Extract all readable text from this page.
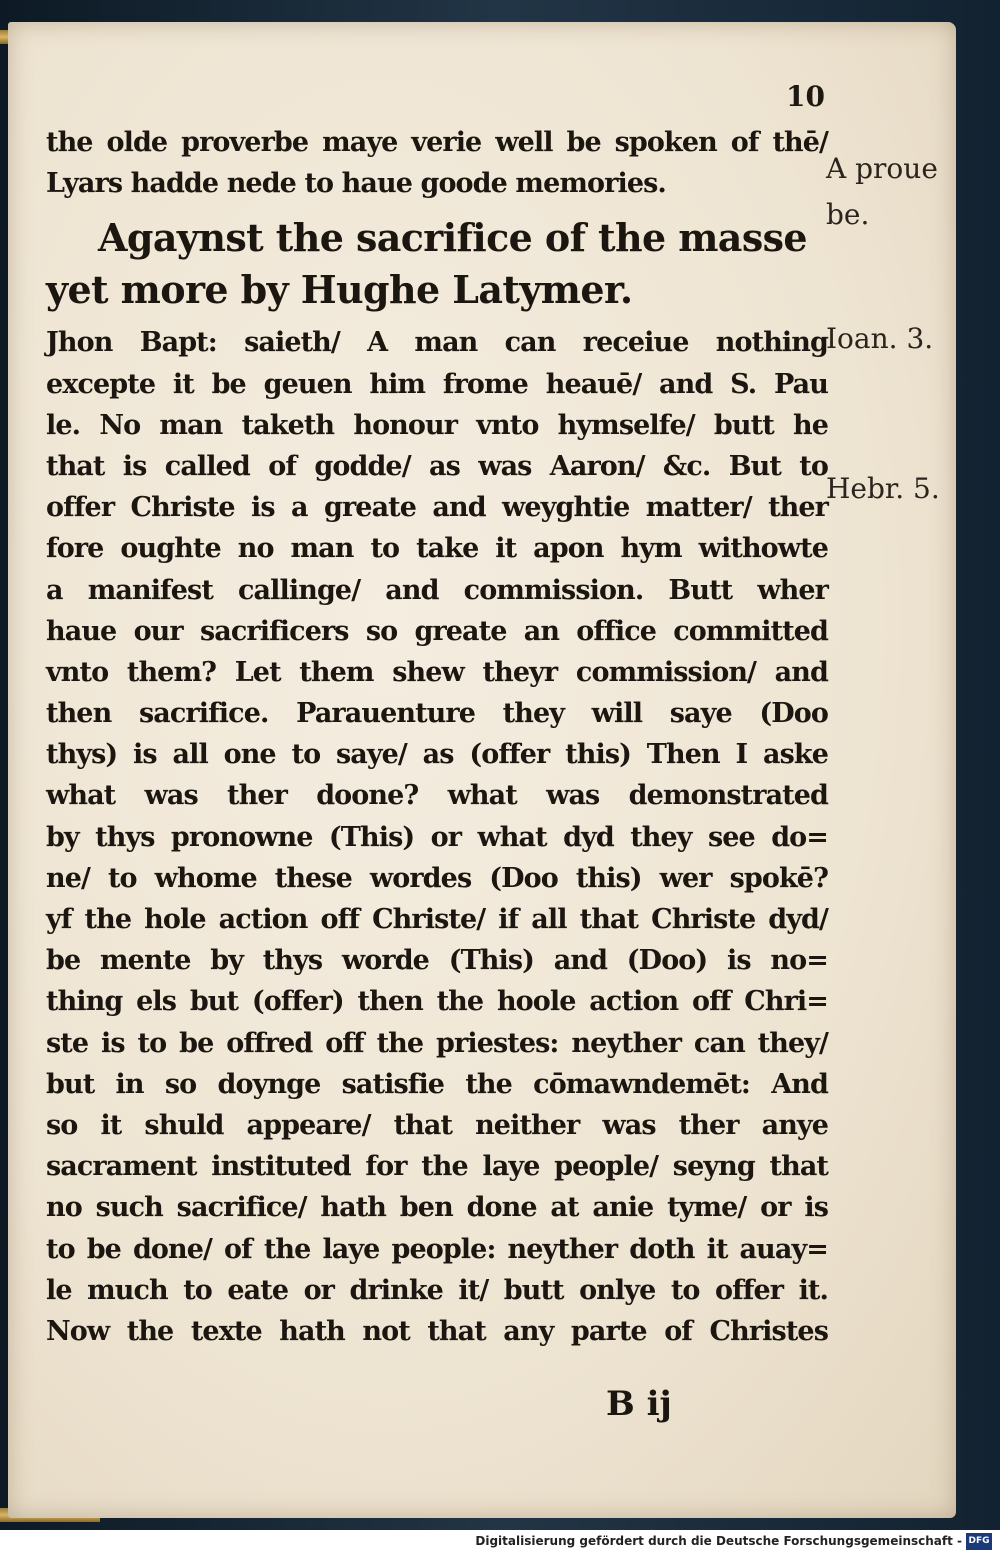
10
the olde proverbe maye verie well be spoken of thē/
Lyars hadde nede to haue goode memories.
Agaynst the sacrifice of the masse
yet more by Hughe Latymer.
Jhon Bapt: saieth/ A man can receiue nothing
excepte it be geuen him frome heauē/ and S. Pau
le. No man taketh honour vnto hymselfe/ butt he
that is called of godde/ as was Aaron/ &c. But to
offer Christe is a greate and weyghtie matter/ ther
fore oughte no man to take it apon hym withowte
a manifest callinge/ and commission. Butt wher
haue our sacrificers so greate an office committed
vnto them? Let them shew theyr commission/ and
then sacrifice. Parauenture they will saye (Doo
thys) is all one to saye/ as (offer this) Then I aske
what was ther doone? what was demonstrated
by thys pronowne (This) or what dyd they see do=
ne/ to whome these wordes (Doo this) wer spokē?
yf the hole action off Christe/ if all that Christe dyd/
be mente by thys worde (This) and (Doo) is no=
thing els but (offer) then the hoole action off Chri=
ste is to be offred off the priestes: neyther can they/
but in so doynge satisfie the cōmawndemēt: And
so it shuld appeare/ that neither was ther anye
sacrament instituted for the laye people/ seyng that
no such sacrifice/ hath ben done at anie tyme/ or is
to be done/ of the laye people: neyther doth it auay=
le much to eate or drinke it/ butt onlye to offer it.
Now the texte hath not that any parte of Christes
A proue
be.
Ioan. 3.
Hebr. 5.
B ij
Digitalisierung gefördert durch die Deutsche Forschungsgemeinschaft - DFG
